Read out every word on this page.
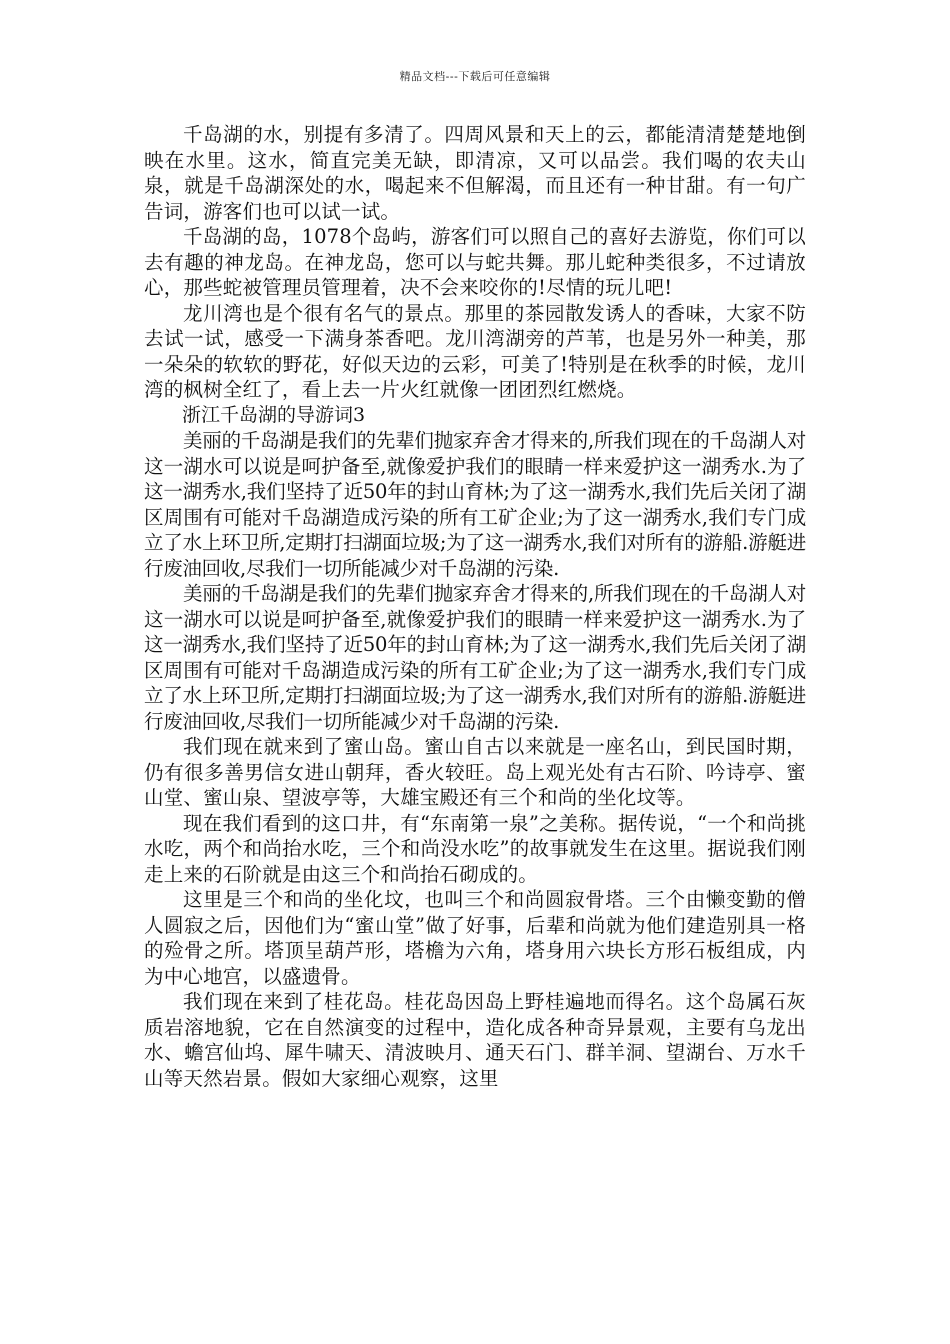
精品文档---下载后可任意编辑

千岛湖的水，别提有多清了。四周风景和天上的云，都能清清楚楚地倒映在水里。这水，简直完美无缺，即清凉，又可以品尝。我们喝的农夫山泉，就是千岛湖深处的水，喝起来不但解渴，而且还有一种甘甜。有一句广告词，游客们也可以试一试。

千岛湖的岛，1078个岛屿，游客们可以照自己的喜好去游览，你们可以去有趣的神龙岛。在神龙岛，您可以与蛇共舞。那儿蛇种类很多，不过请放心，那些蛇被管理员管理着，决不会来咬你的!尽情的玩儿吧!

龙川湾也是个很有名气的景点。那里的茶园散发诱人的香味，大家不防去试一试，感受一下满身茶香吧。龙川湾湖旁的芦苇，也是另外一种美，那一朵朵的软软的野花，好似天边的云彩，可美了!特别是在秋季的时候，龙川湾的枫树全红了，看上去一片火红就像一团团烈红燃烧。

浙江千岛湖的导游词3

美丽的千岛湖是我们的先辈们抛家弃舍才得来的,所我们现在的千岛湖人对这一湖水可以说是呵护备至,就像爱护我们的眼睛一样来爱护这一湖秀水.为了这一湖秀水,我们坚持了近50年的封山育林;为了这一湖秀水,我们先后关闭了湖区周围有可能对千岛湖造成污染的所有工矿企业;为了这一湖秀水,我们专门成立了水上环卫所,定期打扫湖面垃圾;为了这一湖秀水,我们对所有的游船.游艇进行废油回收,尽我们一切所能减少对千岛湖的污染.

美丽的千岛湖是我们的先辈们抛家弃舍才得来的,所我们现在的千岛湖人对这一湖水可以说是呵护备至,就像爱护我们的眼睛一样来爱护这一湖秀水.为了这一湖秀水,我们坚持了近50年的封山育林;为了这一湖秀水,我们先后关闭了湖区周围有可能对千岛湖造成污染的所有工矿企业;为了这一湖秀水,我们专门成立了水上环卫所,定期打扫湖面垃圾;为了这一湖秀水,我们对所有的游船.游艇进行废油回收,尽我们一切所能减少对千岛湖的污染.

我们现在就来到了蜜山岛。蜜山自古以来就是一座名山，到民国时期，仍有很多善男信女进山朝拜，香火较旺。岛上观光处有古石阶、吟诗亭、蜜山堂、蜜山泉、望波亭等，大雄宝殿还有三个和尚的坐化坟等。

现在我们看到的这口井，有“东南第一泉”之美称。据传说，“一个和尚挑水吃，两个和尚抬水吃，三个和尚没水吃”的故事就发生在这里。据说我们刚走上来的石阶就是由这三个和尚抬石砌成的。

这里是三个和尚的坐化坟，也叫三个和尚圆寂骨塔。三个由懒变勤的僧人圆寂之后，因他们为“蜜山堂”做了好事，后辈和尚就为他们建造别具一格的殓骨之所。塔顶呈葫芦形，塔檐为六角，塔身用六块长方形石板组成，内为中心地宫，以盛遗骨。

我们现在来到了桂花岛。桂花岛因岛上野桂遍地而得名。这个岛属石灰质岩溶地貌，它在自然演变的过程中，造化成各种奇异景观，主要有乌龙出水、蟾宫仙坞、犀牛啸天、清波映月、通天石门、群羊洞、望湖台、万水千山等天然岩景。假如大家细心观察，这里
